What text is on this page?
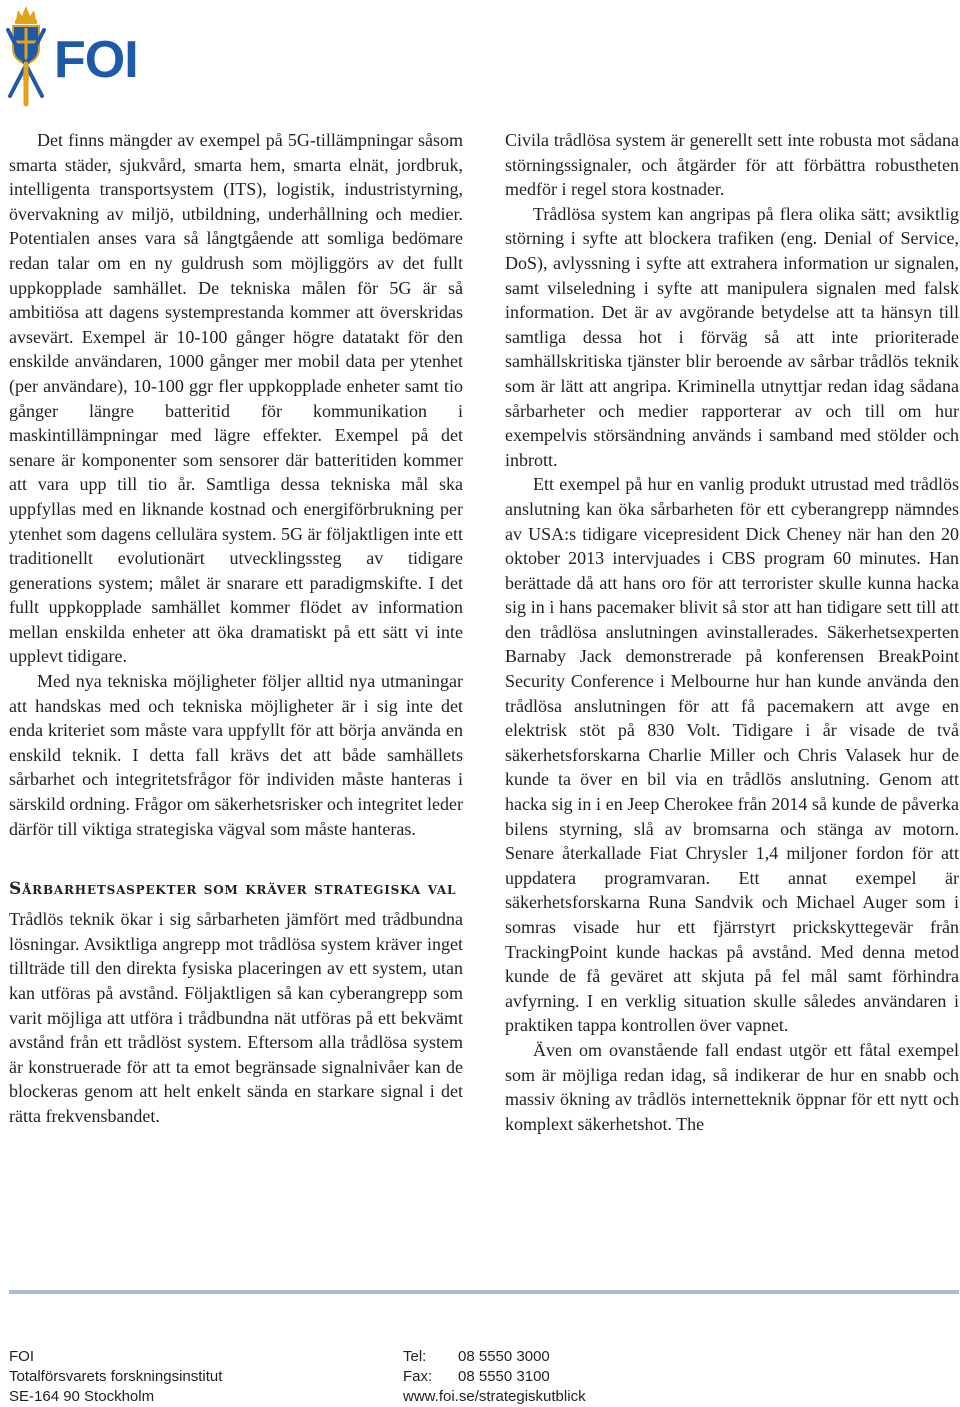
FOI

Det finns mängder av exempel på 5G-tillämpningar såsom smarta städer, sjukvård, smarta hem, smarta elnät, jordbruk, intelligenta transportsystem (ITS), logistik, industristyrning, övervakning av miljö, utbildning, underhållning och medier. Potentialen anses vara så långtgående att somliga bedömare redan talar om en ny guldrush som möjliggörs av det fullt uppkopplade samhället. De tekniska målen för 5G är så ambitiösa att dagens systemprestanda kommer att överskridas avsevärt. Exempel är 10-100 gånger högre datatakt för den enskilde användaren, 1000 gånger mer mobil data per ytenhet (per användare), 10-100 ggr fler uppkopplade enheter samt tio gånger längre batteritid för kommunikation i maskintillämpningar med lägre effekter. Exempel på det senare är komponenter som sensorer där batteritiden kommer att vara upp till tio år. Samtliga dessa tekniska mål ska uppfyllas med en liknande kostnad och energiförbrukning per ytenhet som dagens cellulära system. 5G är följaktligen inte ett traditionellt evolutionärt utvecklingssteg av tidigare generations system; målet är snarare ett paradigmskifte. I det fullt uppkopplade samhället kommer flödet av information mellan enskilda enheter att öka dramatiskt på ett sätt vi inte upplevt tidigare.

Med nya tekniska möjligheter följer alltid nya utmaningar att handskas med och tekniska möjligheter är i sig inte det enda kriteriet som måste vara uppfyllt för att börja använda en enskild teknik. I detta fall krävs det att både samhällets sårbarhet och integritetsfrågor för individen måste hanteras i särskild ordning. Frågor om säkerhetsrisker och integritet leder därför till viktiga strategiska vägval som måste hanteras.

Sårbarhetsaspekter som kräver strategiska val

Trådlös teknik ökar i sig sårbarheten jämfört med trådbundna lösningar. Avsiktliga angrepp mot trådlösa system kräver inget tillträde till den direkta fysiska placeringen av ett system, utan kan utföras på avstånd. Följaktligen så kan cyberangrepp som varit möjliga att utföra i trådbundna nät utföras på ett bekvämt avstånd från ett trådlöst system. Eftersom alla trådlösa system är konstruerade för att ta emot begränsade signalnivåer kan de blockeras genom att helt enkelt sända en starkare signal i det rätta frekvensbandet.

Civila trådlösa system är generellt sett inte robusta mot sådana störningssignaler, och åtgärder för att förbättra robustheten medför i regel stora kostnader.

Trådlösa system kan angripas på flera olika sätt; avsiktlig störning i syfte att blockera trafiken (eng. Denial of Service, DoS), avlyssning i syfte att extrahera information ur signalen, samt vilseledning i syfte att manipulera signalen med falsk information. Det är av avgörande betydelse att ta hänsyn till samtliga dessa hot i förväg så att inte prioriterade samhällskritiska tjänster blir beroende av sårbar trådlös teknik som är lätt att angripa. Kriminella utnyttjar redan idag sådana sårbarheter och medier rapporterar av och till om hur exempelvis störsändning används i samband med stölder och inbrott.

Ett exempel på hur en vanlig produkt utrustad med trådlös anslutning kan öka sårbarheten för ett cyberangrepp nämndes av USA:s tidigare vicepresident Dick Cheney när han den 20 oktober 2013 intervjuades i CBS program 60 minutes. Han berättade då att hans oro för att terrorister skulle kunna hacka sig in i hans pacemaker blivit så stor att han tidigare sett till att den trådlösa anslutningen avinstallerades. Säkerhetsexperten Barnaby Jack demonstrerade på konferensen BreakPoint Security Conference i Melbourne hur han kunde använda den trådlösa anslutningen för att få pacemakern att avge en elektrisk stöt på 830 Volt. Tidigare i år visade de två säkerhetsforskarna Charlie Miller och Chris Valasek hur de kunde ta över en bil via en trådlös anslutning. Genom att hacka sig in i en Jeep Cherokee från 2014 så kunde de påverka bilens styrning, slå av bromsarna och stänga av motorn. Senare återkallade Fiat Chrysler 1,4 miljoner fordon för att uppdatera programvaran. Ett annat exempel är säkerhetsforskarna Runa Sandvik och Michael Auger som i somras visade hur ett fjärrstyrt prickskyttegevär från TrackingPoint kunde hackas på avstånd. Med denna metod kunde de få geväret att skjuta på fel mål samt förhindra avfyrning. I en verklig situation skulle således användaren i praktiken tappa kontrollen över vapnet.

Även om ovanstående fall endast utgör ett fåtal exempel som är möjliga redan idag, så indikerar de hur en snabb och massiv ökning av trådlös internetteknik öppnar för ett nytt och komplext säkerhetshot. The

FOI
Totalförsvarets forskningsinstitut
SE-164 90 Stockholm
Tel:	08 5550 3000
Fax:	08 5550 3100
www.foi.se/strategiskutblick
